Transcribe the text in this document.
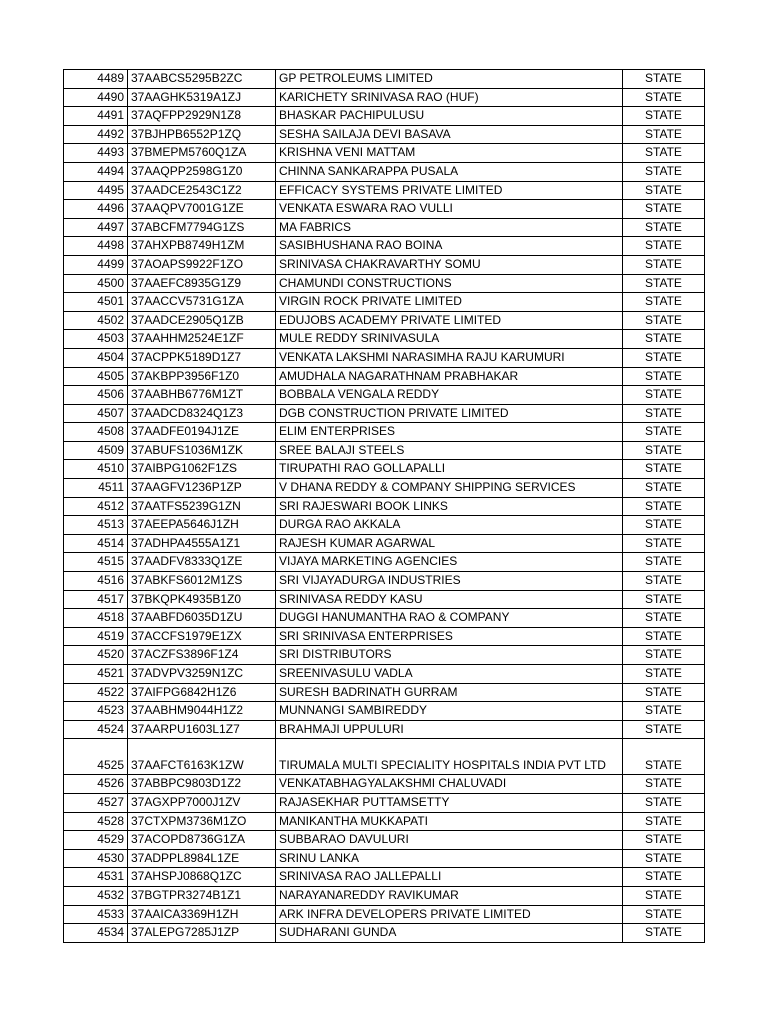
4489	37AABCS5295B2ZC	GP PETROLEUMS LIMITED	STATE
4490	37AAGHK5319A1ZJ	KARICHETY SRINIVASA RAO (HUF)	STATE
4491	37AQFPP2929N1Z8	BHASKAR PACHIPULUSU	STATE
4492	37BJHPB6552P1ZQ	SESHA SAILAJA DEVI BASAVA	STATE
4493	37BMEPM5760Q1ZA	KRISHNA VENI MATTAM	STATE
4494	37AAQPP2598G1Z0	CHINNA SANKARAPPA PUSALA	STATE
4495	37AADCE2543C1Z2	EFFICACY SYSTEMS PRIVATE LIMITED	STATE
4496	37AAQPV7001G1ZE	VENKATA ESWARA RAO VULLI	STATE
4497	37ABCFM7794G1ZS	MA FABRICS	STATE
4498	37AHXPB8749H1ZM	SASIBHUSHANA RAO BOINA	STATE
4499	37AOAPS9922F1ZO	SRINIVASA CHAKRAVARTHY SOMU	STATE
4500	37AAEFC8935G1Z9	CHAMUNDI CONSTRUCTIONS	STATE
4501	37AACCV5731G1ZA	VIRGIN ROCK PRIVATE LIMITED	STATE
4502	37AADCE2905Q1ZB	EDUJOBS ACADEMY PRIVATE LIMITED	STATE
4503	37AAHHM2524E1ZF	MULE REDDY SRINIVASULA	STATE
4504	37ACPPK5189D1Z7	VENKATA LAKSHMI NARASIMHA RAJU KARUMURI	STATE
4505	37AKBPP3956F1Z0	AMUDHALA NAGARATHNAM PRABHAKAR	STATE
4506	37AABHB6776M1ZT	BOBBALA VENGALA REDDY	STATE
4507	37AADCD8324Q1Z3	DGB CONSTRUCTION PRIVATE LIMITED	STATE
4508	37AADFE0194J1ZE	ELIM ENTERPRISES	STATE
4509	37ABUFS1036M1ZK	SREE BALAJI STEELS	STATE
4510	37AIBPG1062F1ZS	TIRUPATHI RAO GOLLAPALLI	STATE
4511	37AAGFV1236P1ZP	V DHANA REDDY & COMPANY SHIPPING SERVICES	STATE
4512	37AATFS5239G1ZN	SRI RAJESWARI BOOK LINKS	STATE
4513	37AEEPA5646J1ZH	DURGA RAO AKKALA	STATE
4514	37ADHPA4555A1Z1	RAJESH KUMAR AGARWAL	STATE
4515	37AADFV8333Q1ZE	VIJAYA MARKETING AGENCIES	STATE
4516	37ABKFS6012M1ZS	SRI VIJAYADURGA INDUSTRIES	STATE
4517	37BKQPK4935B1Z0	SRINIVASA REDDY KASU	STATE
4518	37AABFD6035D1ZU	DUGGI HANUMANTHA RAO & COMPANY	STATE
4519	37ACCFS1979E1ZX	SRI SRINIVASA ENTERPRISES	STATE
4520	37ACZFS3896F1Z4	SRI DISTRIBUTORS	STATE
4521	37ADVPV3259N1ZC	SREENIVASULU VADLA	STATE
4522	37AIFPG6842H1Z6	SURESH BADRINATH GURRAM	STATE
4523	37AABHM9044H1Z2	MUNNANGI SAMBIREDDY	STATE
4524	37AARPU1603L1Z7	BRAHMAJI UPPULURI	STATE
4525	37AAFCT6163K1ZW	TIRUMALA MULTI SPECIALITY HOSPITALS INDIA PVT LTD	STATE
4526	37ABBPC9803D1Z2	VENKATABHAGYALAKSHMI CHALUVADI	STATE
4527	37AGXPP7000J1ZV	RAJASEKHAR PUTTAMSETTY	STATE
4528	37CTXPM3736M1ZO	MANIKANTHA MUKKAPATI	STATE
4529	37ACOPD8736G1ZA	SUBBARAO DAVULURI	STATE
4530	37ADPPL8984L1ZE	SRINU LANKA	STATE
4531	37AHSPJ0868Q1ZC	SRINIVASA RAO JALLEPALLI	STATE
4532	37BGTPR3274B1Z1	NARAYANAREDDY RAVIKUMAR	STATE
4533	37AAICA3369H1ZH	ARK INFRA DEVELOPERS PRIVATE LIMITED	STATE
4534	37ALEPG7285J1ZP	SUDHARANI GUNDA	STATE
